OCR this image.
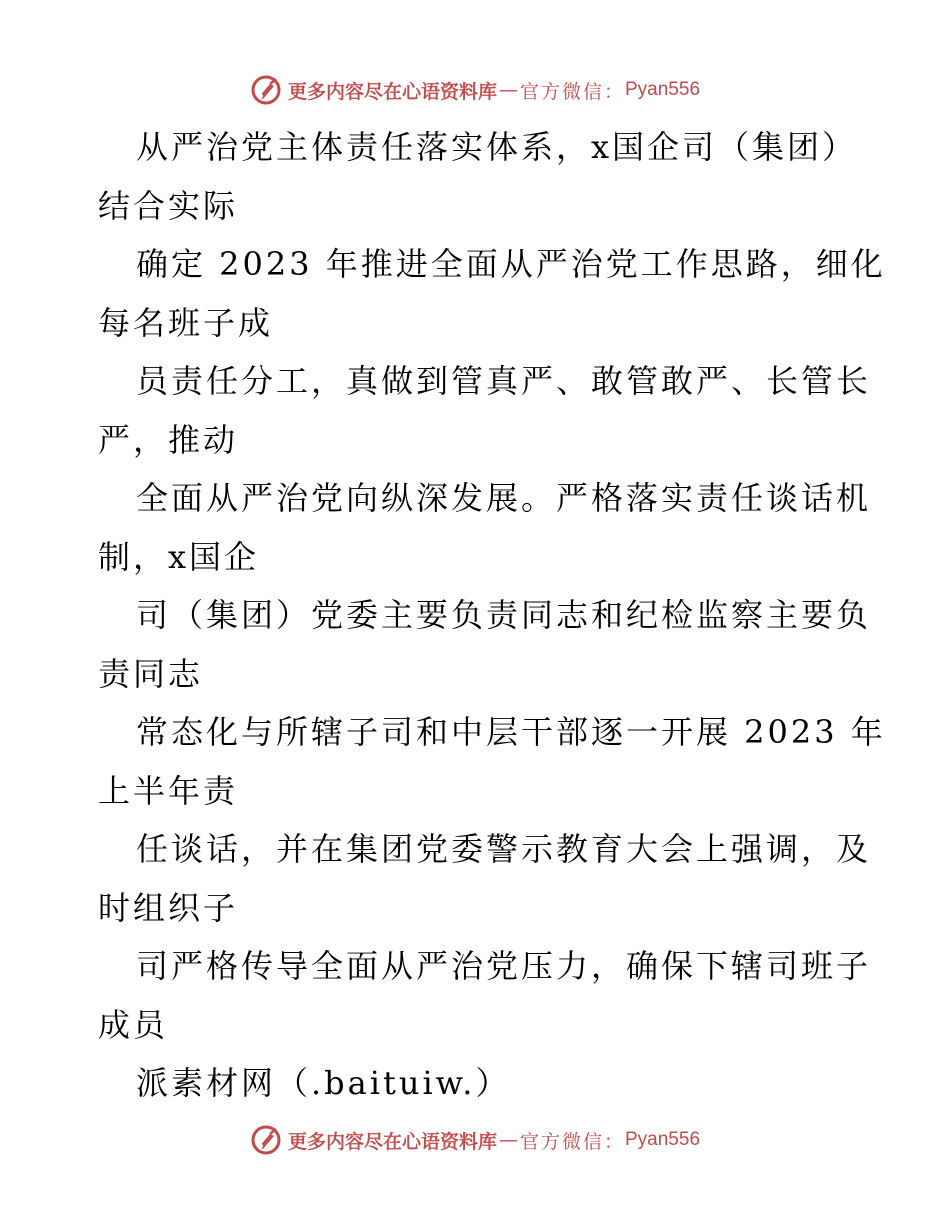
更多内容尽在心语资料库 — 官方微信： Pyan556
从严治党主体责任落实体系，x国企司（集团）
结合实际
确定 2023 年推进全面从严治党工作思路，细化
每名班子成
员责任分工，真做到管真严、敢管敢严、长管长
严，推动
全面从严治党向纵深发展。严格落实责任谈话机
制，x国企
司（集团）党委主要负责同志和纪检监察主要负
责同志
常态化与所辖子司和中层干部逐一开展 2023 年
上半年责
任谈话，并在集团党委警示教育大会上强调，及
时组织子
司严格传导全面从严治党压力，确保下辖司班子
成员
派素材网（.baituiw.）
更多内容尽在心语资料库 — 官方微信： Pyan556
